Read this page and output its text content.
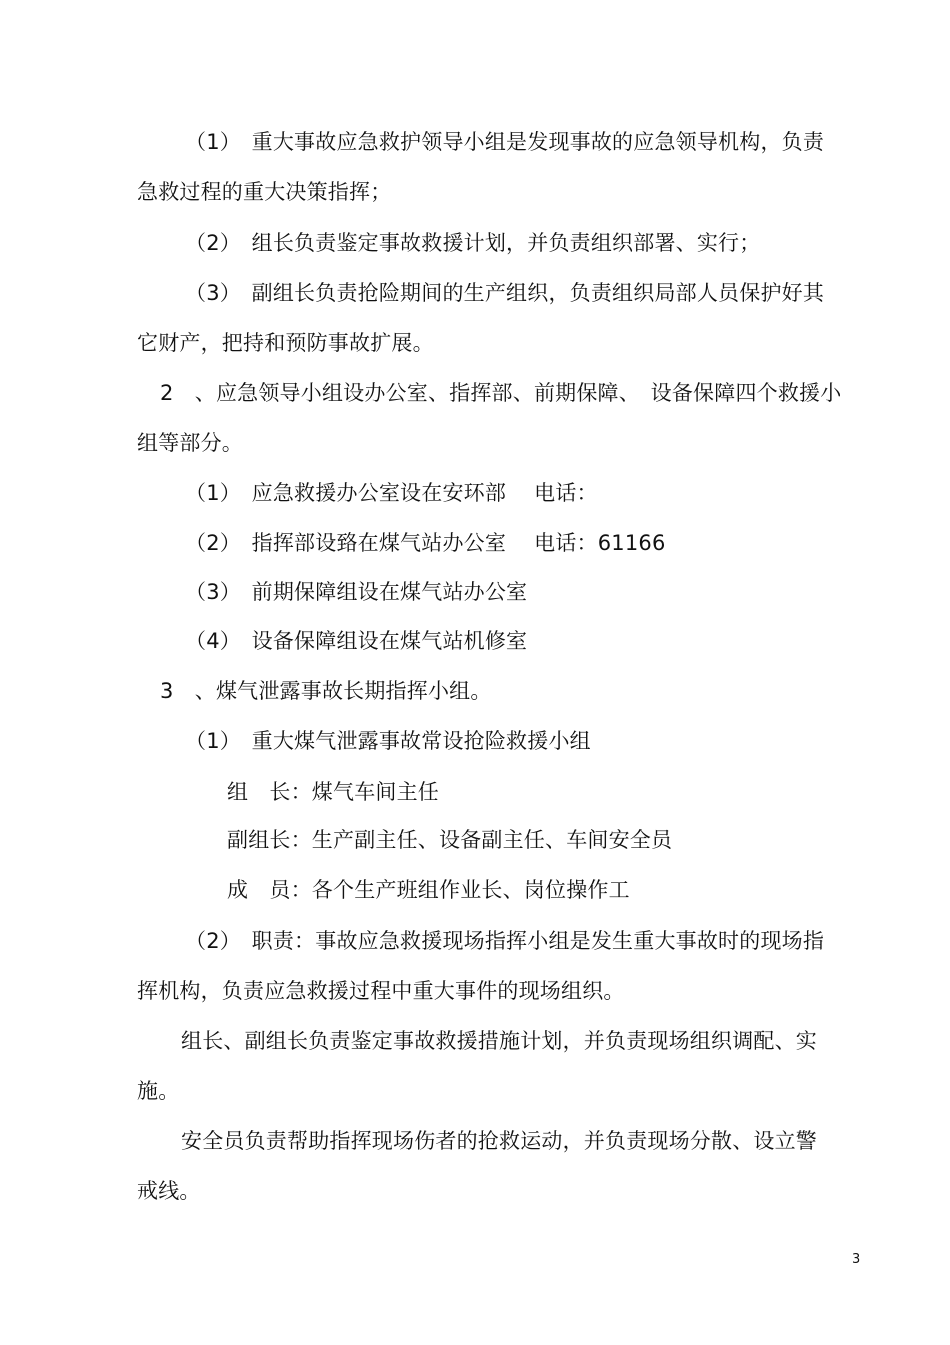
（1）　重大事故应急救护领导小组是发现事故的应急领导机构，负责
急救过程的重大决策指挥；
（2）　组长负责鉴定事故救援计划，并负责组织部署、实行；
（3）　副组长负责抢险期间的生产组织，负责组织局部人员保护好其
它财产，把持和预防事故扩展。
2　、应急领导小组设办公室、指挥部、前期保障、　设备保障四个救援小
组等部分。
（1）　应急救援办公室设在安环部　 电话：
（2）　指挥部设臵在煤气站办公室　 电话：61166
（3）　前期保障组设在煤气站办公室
（4）　设备保障组设在煤气站机修室
3　、煤气泄露事故长期指挥小组。
（1）　重大煤气泄露事故常设抢险救援小组
组　长：煤气车间主任
副组长：生产副主任、设备副主任、车间安全员
成　员：各个生产班组作业长、岗位操作工
（2）　职责：事故应急救援现场指挥小组是发生重大事故时的现场指
挥机构，负责应急救援过程中重大事件的现场组织。
组长、副组长负责鉴定事故救援措施计划，并负责现场组织调配、实
施。
安全员负责帮助指挥现场伤者的抢救运动，并负责现场分散、设立警
戒线。
3
